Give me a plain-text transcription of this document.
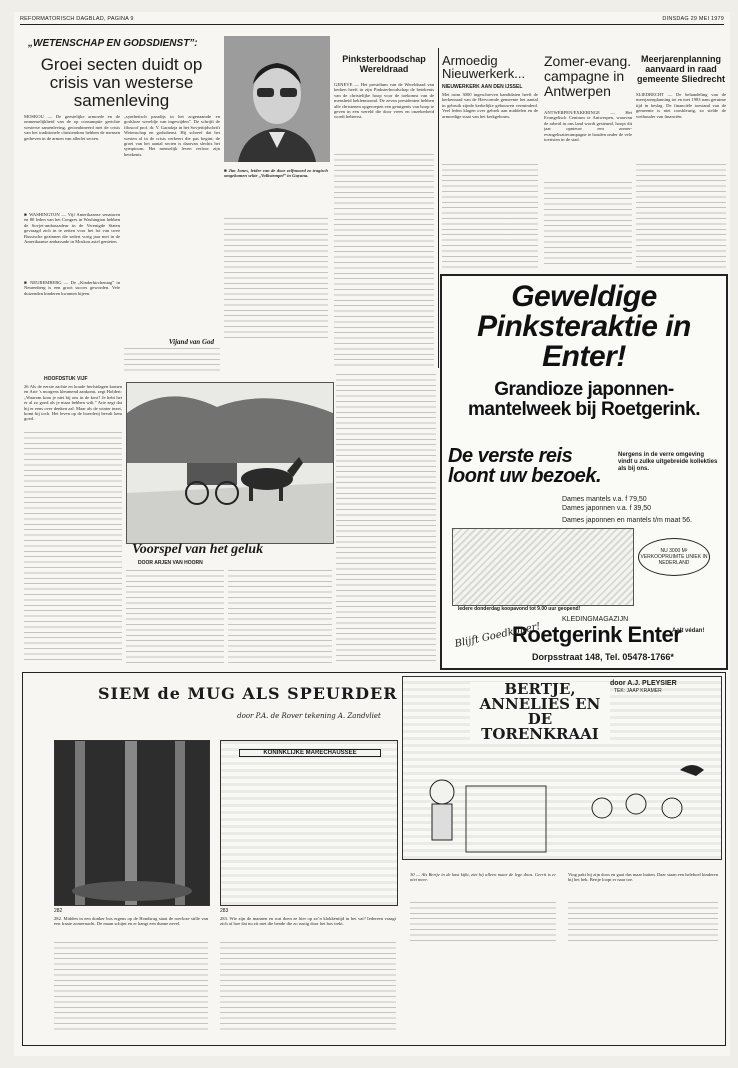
REFORMATORISCH DAGBLAD, PAGINA 9	DINSDAG 29 MEI 1979
„WETENSCHAP EN GODSDIENST”:
Groei secten duidt op crisis van westerse samenleving
MOSKOU — De geestelijke armoede en de onmenselijkheid van de op consumptie gerichte westerse samenleving, gecombineerd met de crisis van het traditionele christendom hebben de mensen gedreven in de armen van allerlei secten.
■ WASHINGTON — Vijf Amerikaanse senatoren en 80 leden van het Congres in Washington hebben de Sovjet-ambassadeur in de Verenigde Staten gevraagd zich in te zetten voor het lot van twee Russische gezinnen die sedert vorig jaar mei in de Amerikaanse ambassade in Moskou asiel genieten.
■ NEUREMBERG — De „Kinderkirchentag” in Neurenberg is een groot succes geworden. Vele duizenden kinderen kwamen bijeen.
„synthetisch paradijs in het zogenaamde en godsloze wereldje van ingewijden”. De schrijft de filosoof prof. dr. V. Garadzja in het Sovjettijdschrift Wetenschap en godsdienst. Hij schreef dat het westen al in de crisis verkeert die pas begint; de groei van het aantal secten is daarvan slechts het symptoom. Het menselijk leven verloor zijn betekenis.
Vijand van God
■ Jim Jones, leider van de door zelfmoord zo tragisch omgekomen sekte „Volkstempel” in Guyana.
Pinksterboodschap Wereldraad
GENEVE — Het presidium van de Wereldraad van kerken heeft in zijn Pinksterboodschap de betekenis van de christelijke hoop voor de toekomst van de mensheid beklemtoond. De zeven presidenten hebben alle christenen opgeroepen een getuigenis van hoop te geven in een wereld die door vrees en onzekerheid wordt beheerst.
Armoedig Nieuwerkerk...
NIEUWERKERK AAN DEN IJSSEL
Met ruim 3000 ingeschreven kandidaten heeft de kerkenraad van de Hervormde gemeente het aantal in gebruik zijnde kerkelijke gebouwen verminderd. Veel leden klagen over gebrek aan middelen en de armoedige staat van het kerkgebouw.
Zomer-evang. campagne in Antwerpen
ANTWERPEN/EXKERINGE — Het Evangelisch Centrum te Antwerpen, waarvan de arbeid in ons land wordt gesteund, hoopt dit jaar opnieuw een zomer-evangelisatiecampagne te houden onder de vele toeristen in de stad.
Meerjarenplanning aanvaard in raad gemeente Sliedrecht
SLIEDRECHT — De behandeling van de meerjarenplanning tot en met 1983 nam geruime tijd in beslag. De financiële toestand van de gemeente is niet rooskleurig, zo stelde de wethouder van financiën.
HOOFDSTUK VIJF
26 Als de eerste zachte en koude herfstdagen komen en Arie 's morgens kleumend aankomt, zegt Holdert: „Waarom kom je niet bij ons in de kost? Je hebt het er al zo goed als je maar hebben wilt.” Arie zegt dat hij er eens over denken zal. Maar als de winter inzet, komt hij toch. Het leven op de boerderij bevalt hem goed.
Voorspel van het geluk
DOOR ARJEN VAN HOORN
Geweldige Pinksteraktie in Enter!
Grandioze japonnen- mantelweek bij Roetgerink.
De verste reis loont uw bezoek.
Nergens in de verre omgeving vindt u zulke uitgebreide kollekties als bij ons.
Dames mantels v.a. f 79,50
Dames japonnen v.a. f 39,50
Dames japonnen en mantels t/m maat 56.
NU 3000 M² VERKOOPRUIMTE UNIEK IN NEDERLAND
Iedere donderdag koopavond tot 9.00 uur geopend!
KLEDINGMAGAZIJN
Roetgerink Enter
Blijft Goedkoper!	Aalt védan!
Dorpsstraat 148, Tel. 05478-1766*
SIEM de MUG ALS SPEURDER
door P.A. de Rover tekening A. Zandvliet
KONINKLIJKE MARECHAUSSEE
282	283
282. Midden in een donker bos ergens op de Hondsrug staat de roerloze stille van een fraaie zomernacht. De maan schijnt en er hangt een dunne nevel.
283. Wie zijn de mannen en wat doen ze hier op zo’n klokkentijd in het vat? Iedereen vraagt zich af hoe dat nu zit met die bende die zo rustig door het bos trekt.
BERTJE, ANNELIES EN DE TORENKRAAI
door A.J. PLEYSIER
TEK: JAAP KRAMER
30 — Als Bertje in de kast kijkt, ziet hij alleen maar de lege doos. Gerrit is er niet meer.
Ving pakt hij zijn doos en gaat dus maar buiten. Daar staan een heleboel kinderen bij het hek. Bertje loopt er naar toe.
